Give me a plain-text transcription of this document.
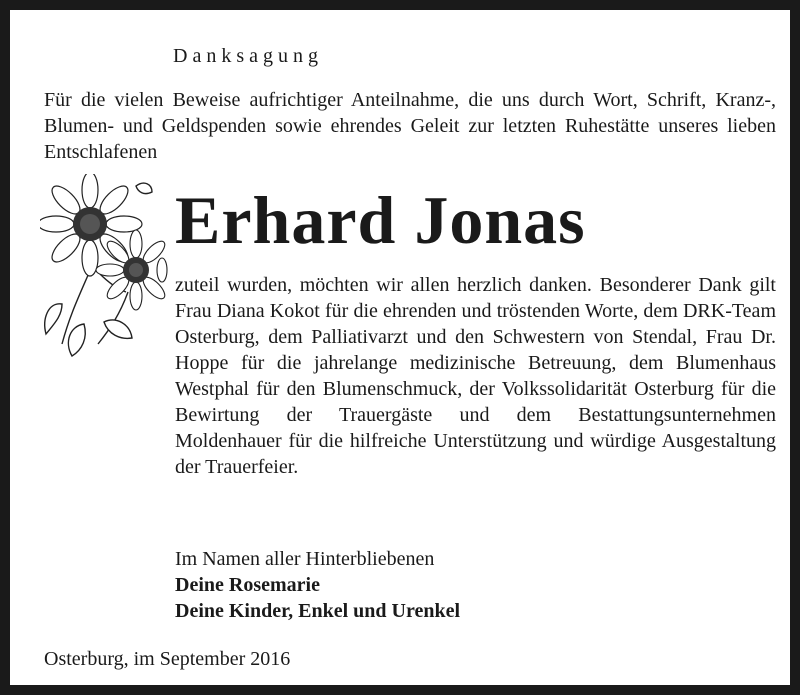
Danksagung
Für die vielen Beweise aufrichtiger Anteilnahme, die uns durch Wort, Schrift, Kranz-, Blumen- und Geldspenden sowie ehrendes Geleit zur letzten Ruhestätte unseres lieben Entschlafenen
Erhard Jonas
zuteil wurden, möchten wir allen herzlich danken. Besonderer Dank gilt Frau Diana Kokot für die ehrenden und tröstenden Worte, dem DRK-Team Osterburg, dem Palliativarzt und den Schwestern von Stendal, Frau Dr. Hoppe für die jahrelange medizinische Betreuung, dem Blumenhaus Westphal für den Blumenschmuck, der Volkssolidarität Osterburg für die Bewirtung der Trauergäste und dem Bestattungsunternehmen Moldenhauer für die hilfreiche Unterstützung und würdige Ausgestaltung der Trauerfeier.
Im Namen aller Hinterbliebenen
Deine Rosemarie
Deine Kinder, Enkel und Urenkel
Osterburg, im September 2016
